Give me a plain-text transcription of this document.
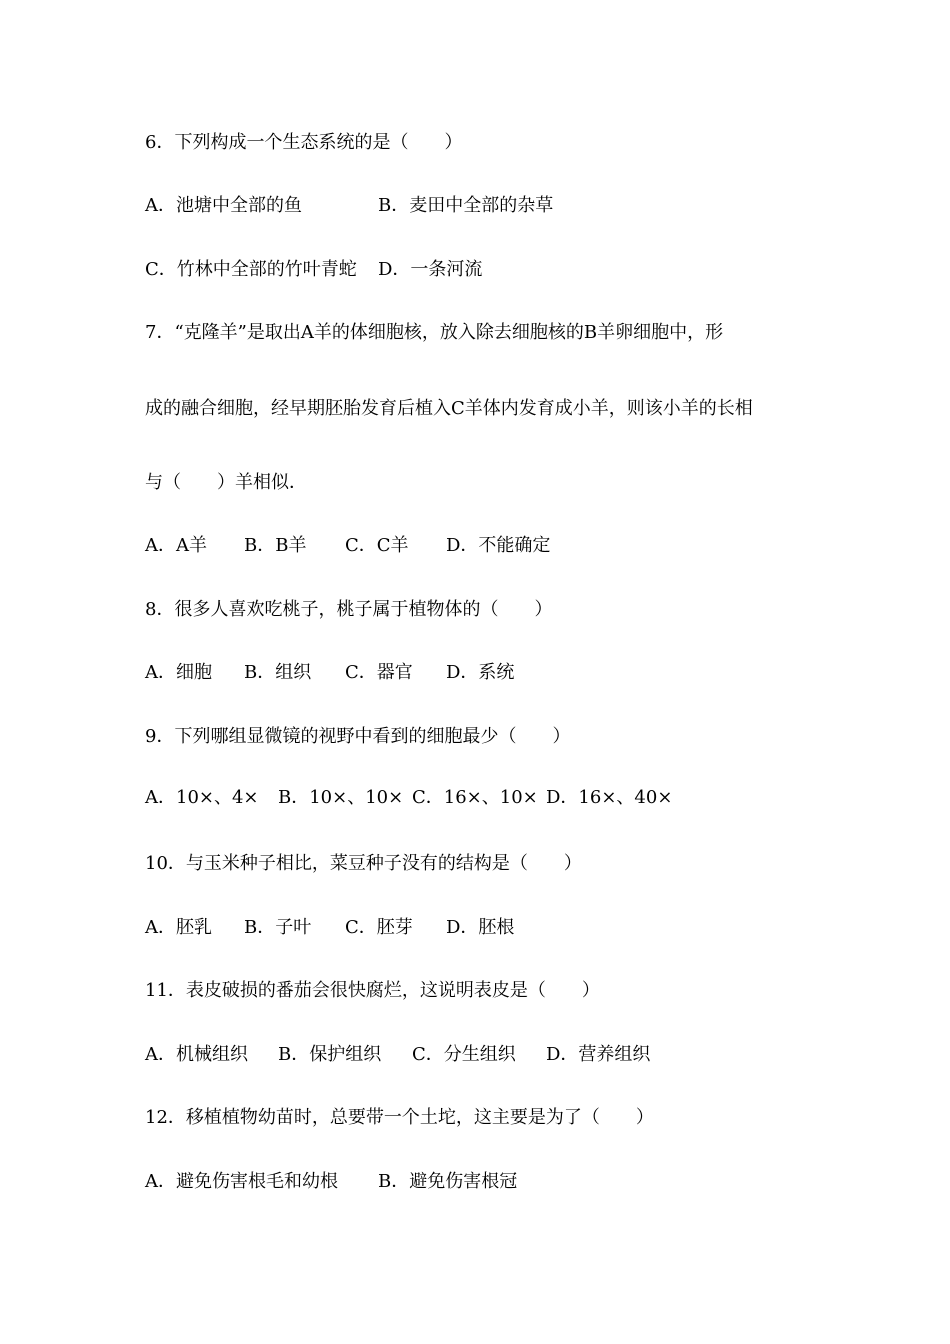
6．下列构成一个生态系统的是（　　）
A．池塘中全部的鱼	B．麦田中全部的杂草
C．竹林中全部的竹叶青蛇 D．一条河流
7．“克隆羊”是取出A羊的体细胞核，放入除去细胞核的B羊卵细胞中，形
成的融合细胞，经早期胚胎发育后植入C羊体内发育成小羊，则该小羊的长相
与（　　）羊相似．
A．A羊 B．B羊 C．C羊 D．不能确定
8．很多人喜欢吃桃子，桃子属于植物体的（　　）
A．细胞 B．组织 C．器官 D．系统
9．下列哪组显微镜的视野中看到的细胞最少（　　）
A．10×、4× B．10×、10× C．16×、10× D．16×、40×
10．与玉米种子相比，菜豆种子没有的结构是（　　）
A．胚乳 B．子叶 C．胚芽 D．胚根
11．表皮破损的番茄会很快腐烂，这说明表皮是（　　）
A．机械组织 B．保护组织 C．分生组织 D．营养组织
12．移植植物幼苗时，总要带一个土坨，这主要是为了（　　）
A．避免伤害根毛和幼根 B．避免伤害根冠
